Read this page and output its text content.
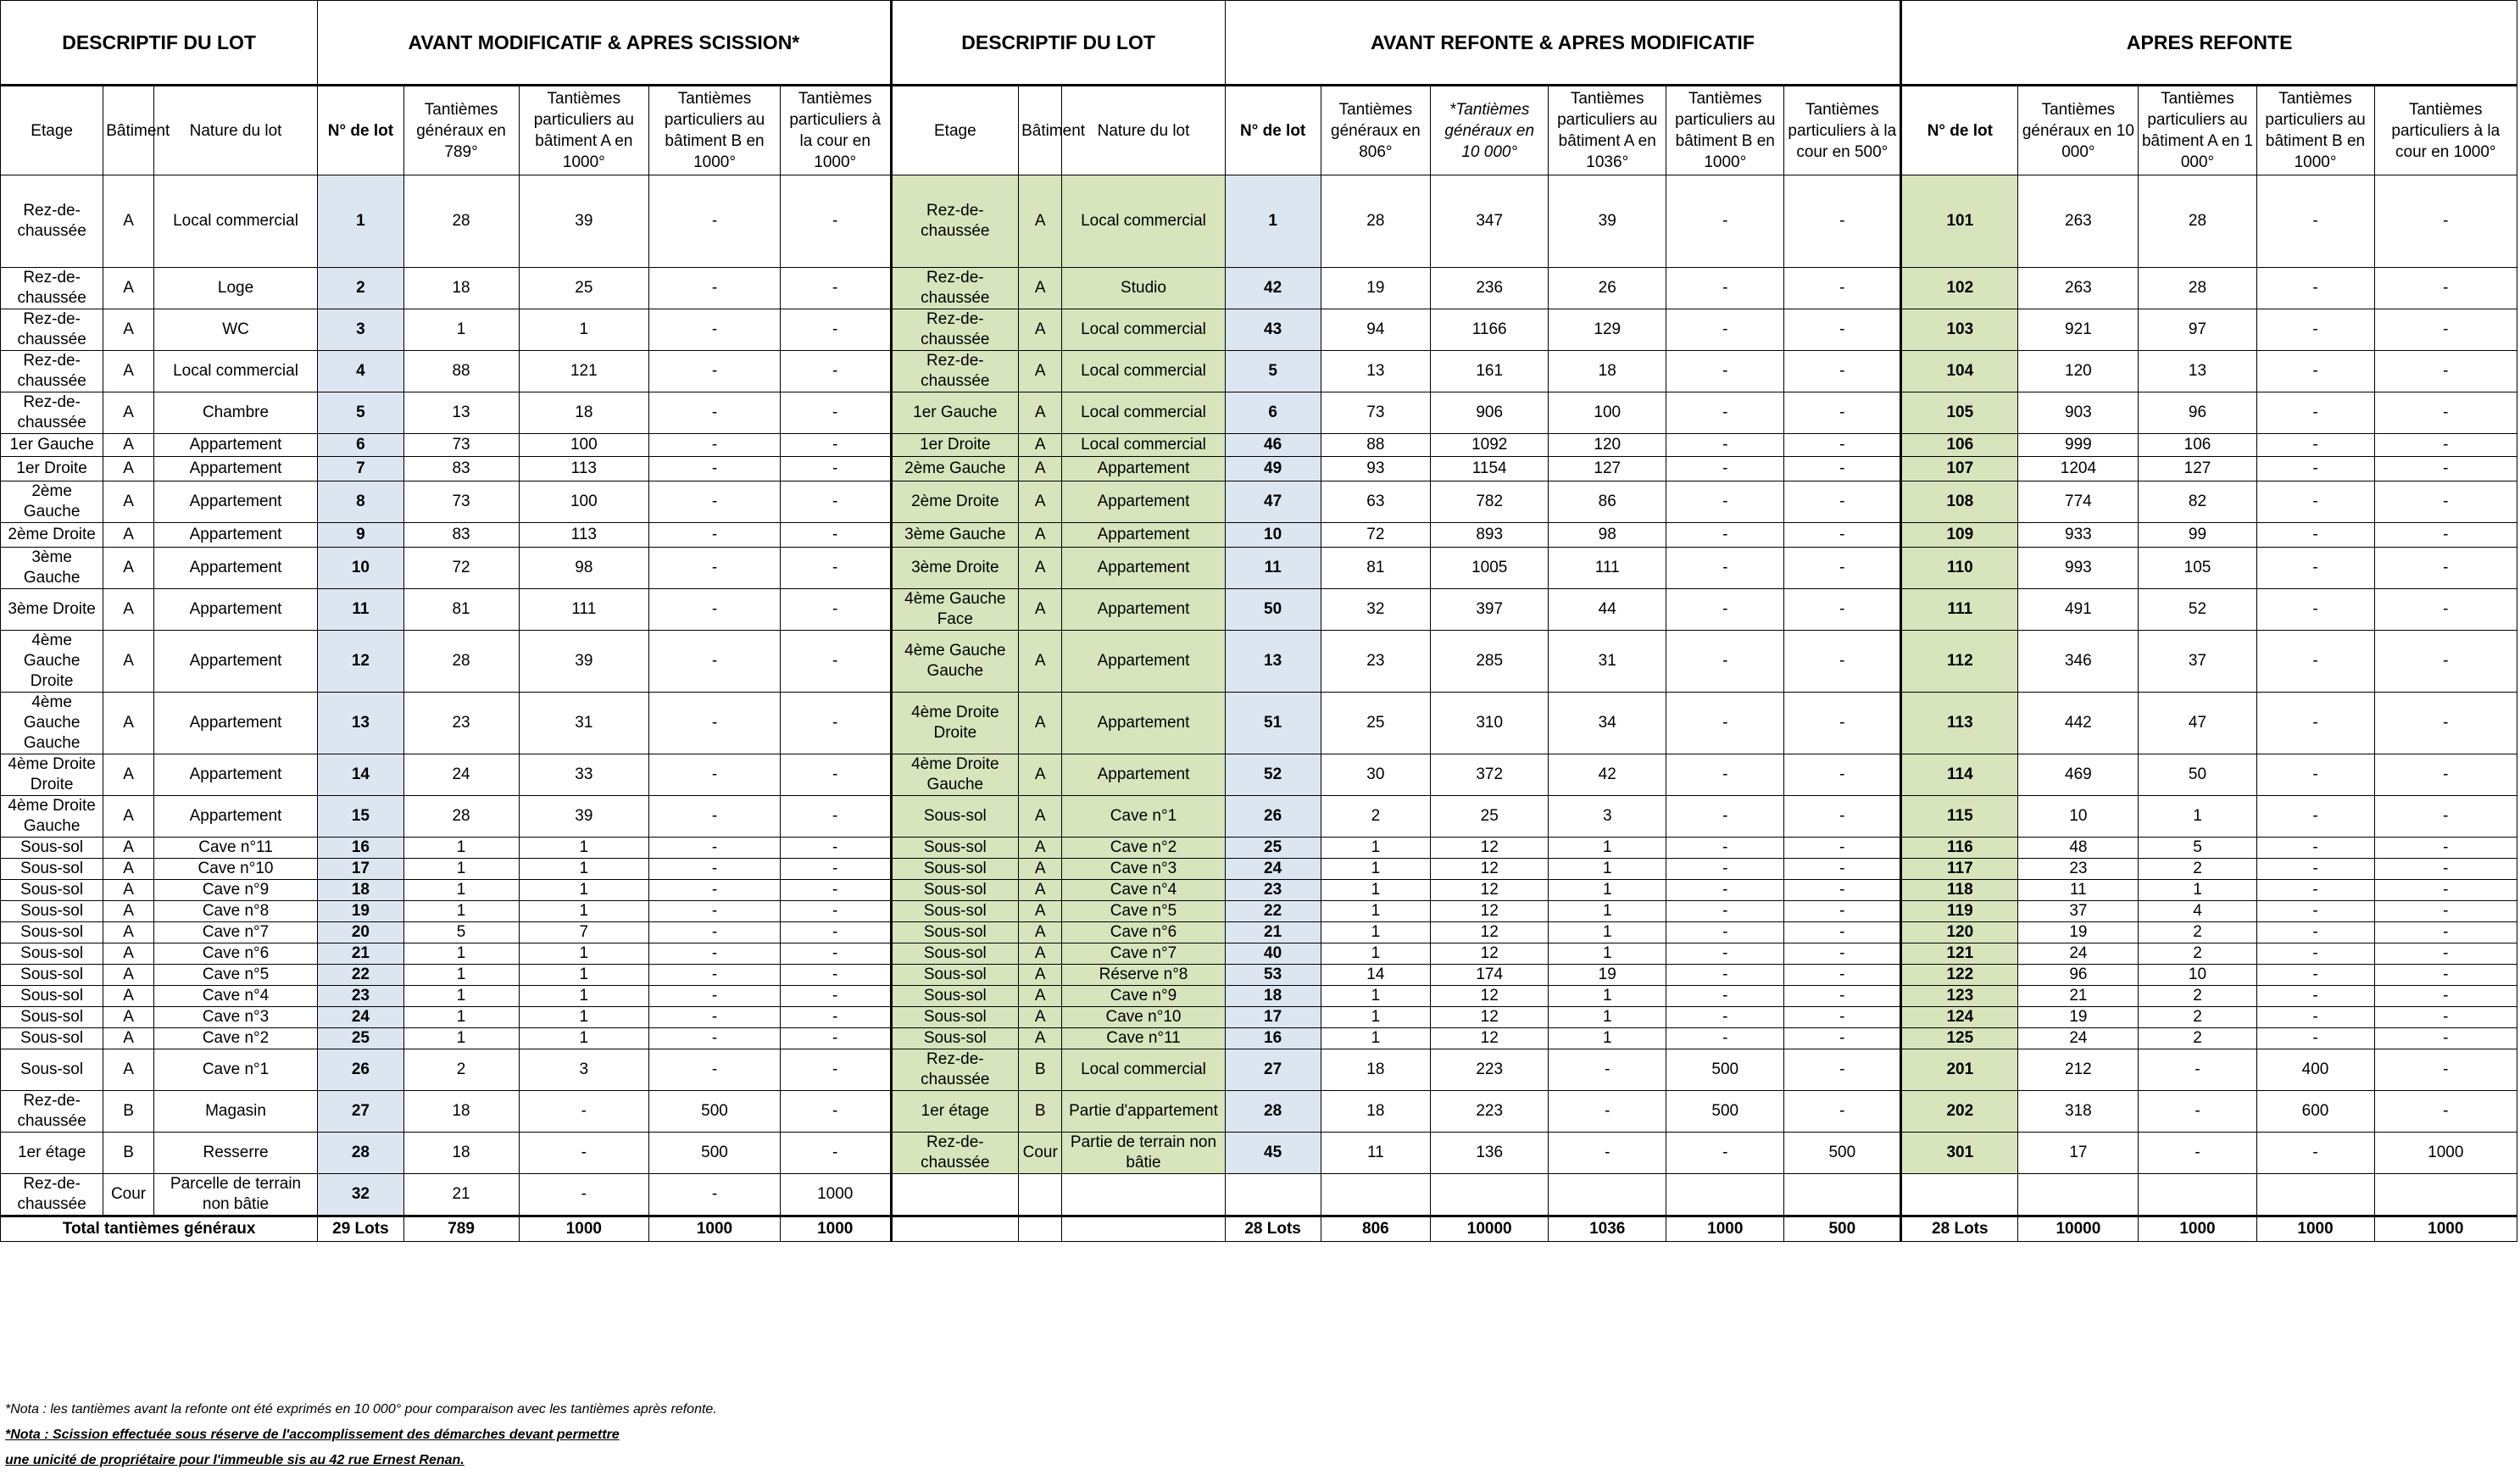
DESCRIPTIF DU LOT			AVANT MODIFICATIF & APRES SCISSION*					DESCRIPTIF DU LOT			AVANT REFONTE & APRES MODIFICATIF						APRES REFONTE				
Etage	Bâtiment	Nature du lot	N° de lot	Tantièmes généraux en 789°	Tantièmes particuliers au bâtiment A en 1000°	Tantièmes particuliers au bâtiment B en 1000°	Tantièmes particuliers à la cour en 1000°	Etage	Bâtiment	Nature du lot	N° de lot	Tantièmes généraux en 806°	*Tantièmes généraux en 10 000°	Tantièmes particuliers au bâtiment A en 1036°	Tantièmes particuliers au bâtiment B en 1000°	Tantièmes particuliers à la cour en 500°	N° de lot	Tantièmes généraux en 10 000°	Tantièmes particuliers au bâtiment A en 1 000°	Tantièmes particuliers au bâtiment B en 1000°	Tantièmes particuliers à la cour en 1000°
Rez-de-chaussée	A	Local commercial	1	28	39	-	-	Rez-de-chaussée	A	Local commercial	1	28	347	39	-	-	101	263	28	-	-
Rez-de-chaussée	A	Loge	2	18	25	-	-	Rez-de-chaussée	A	Studio	42	19	236	26	-	-	102	263	28	-	-
Rez-de-chaussée	A	WC	3	1	1	-	-	Rez-de-chaussée	A	Local commercial	43	94	1166	129	-	-	103	921	97	-	-
Rez-de-chaussée	A	Local commercial	4	88	121	-	-	Rez-de-chaussée	A	Local commercial	5	13	161	18	-	-	104	120	13	-	-
Rez-de-chaussée	A	Chambre	5	13	18	-	-	1er Gauche	A	Local commercial	6	73	906	100	-	-	105	903	96	-	-
1er Gauche	A	Appartement	6	73	100	-	-	1er Droite	A	Local commercial	46	88	1092	120	-	-	106	999	106	-	-
1er Droite	A	Appartement	7	83	113	-	-	2ème Gauche	A	Appartement	49	93	1154	127	-	-	107	1204	127	-	-
2ème Gauche	A	Appartement	8	73	100	-	-	2ème Droite	A	Appartement	47	63	782	86	-	-	108	774	82	-	-
2ème Droite	A	Appartement	9	83	113	-	-	3ème Gauche	A	Appartement	10	72	893	98	-	-	109	933	99	-	-
3ème Gauche	A	Appartement	10	72	98	-	-	3ème Droite	A	Appartement	11	81	1005	111	-	-	110	993	105	-	-
3ème Droite	A	Appartement	11	81	111	-	-	4ème Gauche Face	A	Appartement	50	32	397	44	-	-	111	491	52	-	-
4ème Gauche Droite	A	Appartement	12	28	39	-	-	4ème Gauche Gauche	A	Appartement	13	23	285	31	-	-	112	346	37	-	-
4ème Gauche Gauche	A	Appartement	13	23	31	-	-	4ème Droite Droite	A	Appartement	51	25	310	34	-	-	113	442	47	-	-
4ème Droite Droite	A	Appartement	14	24	33	-	-	4ème Droite Gauche	A	Appartement	52	30	372	42	-	-	114	469	50	-	-
4ème Droite Gauche	A	Appartement	15	28	39	-	-	Sous-sol	A	Cave n°1	26	2	25	3	-	-	115	10	1	-	-
Sous-sol	A	Cave n°11	16	1	1	-	-	Sous-sol	A	Cave n°2	25	1	12	1	-	-	116	48	5	-	-
Sous-sol	A	Cave n°10	17	1	1	-	-	Sous-sol	A	Cave n°3	24	1	12	1	-	-	117	23	2	-	-
Sous-sol	A	Cave n°9	18	1	1	-	-	Sous-sol	A	Cave n°4	23	1	12	1	-	-	118	11	1	-	-
Sous-sol	A	Cave n°8	19	1	1	-	-	Sous-sol	A	Cave n°5	22	1	12	1	-	-	119	37	4	-	-
Sous-sol	A	Cave n°7	20	5	7	-	-	Sous-sol	A	Cave n°6	21	1	12	1	-	-	120	19	2	-	-
Sous-sol	A	Cave n°6	21	1	1	-	-	Sous-sol	A	Cave n°7	40	1	12	1	-	-	121	24	2	-	-
Sous-sol	A	Cave n°5	22	1	1	-	-	Sous-sol	A	Réserve n°8	53	14	174	19	-	-	122	96	10	-	-
Sous-sol	A	Cave n°4	23	1	1	-	-	Sous-sol	A	Cave n°9	18	1	12	1	-	-	123	21	2	-	-
Sous-sol	A	Cave n°3	24	1	1	-	-	Sous-sol	A	Cave n°10	17	1	12	1	-	-	124	19	2	-	-
Sous-sol	A	Cave n°2	25	1	1	-	-	Sous-sol	A	Cave n°11	16	1	12	1	-	-	125	24	2	-	-
Sous-sol	A	Cave n°1	26	2	3	-	-	Rez-de-chaussée	B	Local commercial	27	18	223	-	500	-	201	212	-	400	-
Rez-de-chaussée	B	Magasin	27	18	-	500	-	1er étage	B	Partie d'appartement	28	18	223	-	500	-	202	318	-	600	-
1er étage	B	Resserre	28	18	-	500	-	Rez-de-chaussée	Cour	Partie de terrain non bâtie	45	11	136	-	-	500	301	17	-	-	1000
Rez-de-chaussée	Cour	Parcelle de terrain non bâtie	32	21	-	-	1000														
Total tantièmes généraux			29 Lots	789	1000	1000	1000				28 Lots	806	10000	1036	1000	500	28 Lots	10000	1000	1000	1000
*Nota : les tantièmes avant la refonte ont été exprimés en 10 000° pour comparaison avec les tantièmes après refonte.
*Nota : Scission effectuée sous réserve de l'accomplissement des démarches devant permettre
une unicité de propriétaire pour l'immeuble sis au 42 rue Ernest Renan.
